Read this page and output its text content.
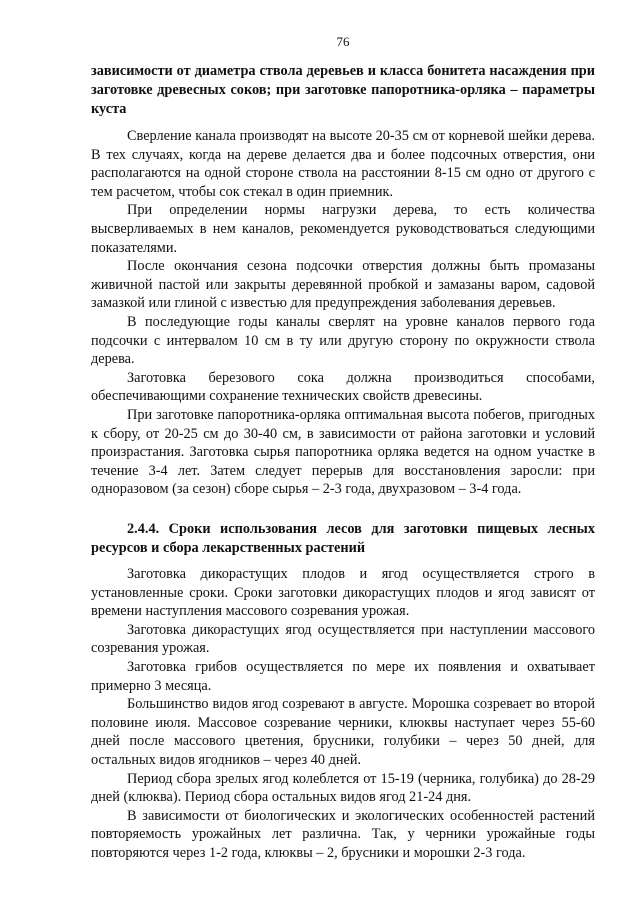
76

зависимости от диаметра ствола деревьев и класса бонитета насаждения при заготовке древесных соков; при заготовке папоротника-орляка – параметры куста

Сверление канала производят на высоте 20-35 см от корневой шейки дерева. В тех случаях, когда на дереве делается два и более подсочных отверстия, они располагаются на одной стороне ствола на расстоянии 8-15 см одно от другого с тем расчетом, чтобы сок стекал в один приемник.

При определении нормы нагрузки дерева, то есть количества высверливаемых в нем каналов, рекомендуется руководствоваться следующими показателями.

После окончания сезона подсочки отверстия должны быть промазаны живичной пастой или закрыты деревянной пробкой и замазаны варом, садовой замазкой или глиной с известью для предупреждения заболевания деревьев.

В последующие годы каналы сверлят на уровне каналов первого года подсочки с интервалом 10 см в ту или другую сторону по окружности ствола дерева.

Заготовка березового сока должна производиться способами, обеспечивающими сохранение технических свойств древесины.

При заготовке папоротника-орляка оптимальная высота побегов, пригодных к сбору, от 20-25 см до 30-40 см, в зависимости от района заготовки и условий произрастания. Заготовка сырья папоротника орляка ведется на одном участке в течение 3-4 лет. Затем следует перерыв для восстановления заросли: при одноразовом (за сезон) сборе сырья – 2-3 года, двухразовом – 3-4 года.

2.4.4. Сроки использования лесов для заготовки пищевых лесных ресурсов и сбора лекарственных растений

Заготовка дикорастущих плодов и ягод осуществляется строго в установленные сроки. Сроки заготовки дикорастущих плодов и ягод зависят от времени наступления массового созревания урожая.

Заготовка дикорастущих ягод осуществляется при наступлении массового созревания урожая.

Заготовка грибов осуществляется по мере их появления и охватывает примерно 3 месяца.

Большинство видов ягод созревают в августе. Морошка созревает во второй половине июля. Массовое созревание черники, клюквы наступает через 55-60 дней после массового цветения, брусники, голубики – через 50 дней, для остальных видов ягодников – через 40 дней.

Период сбора зрелых ягод колеблется от 15-19 (черника, голубика) до 28-29 дней (клюква). Период сбора остальных видов ягод 21-24 дня.

В зависимости от биологических и экологических особенностей растений повторяемость урожайных лет различна. Так, у черники урожайные годы повторяются через 1-2 года, клюквы – 2, брусники и морошки 2-3 года.
